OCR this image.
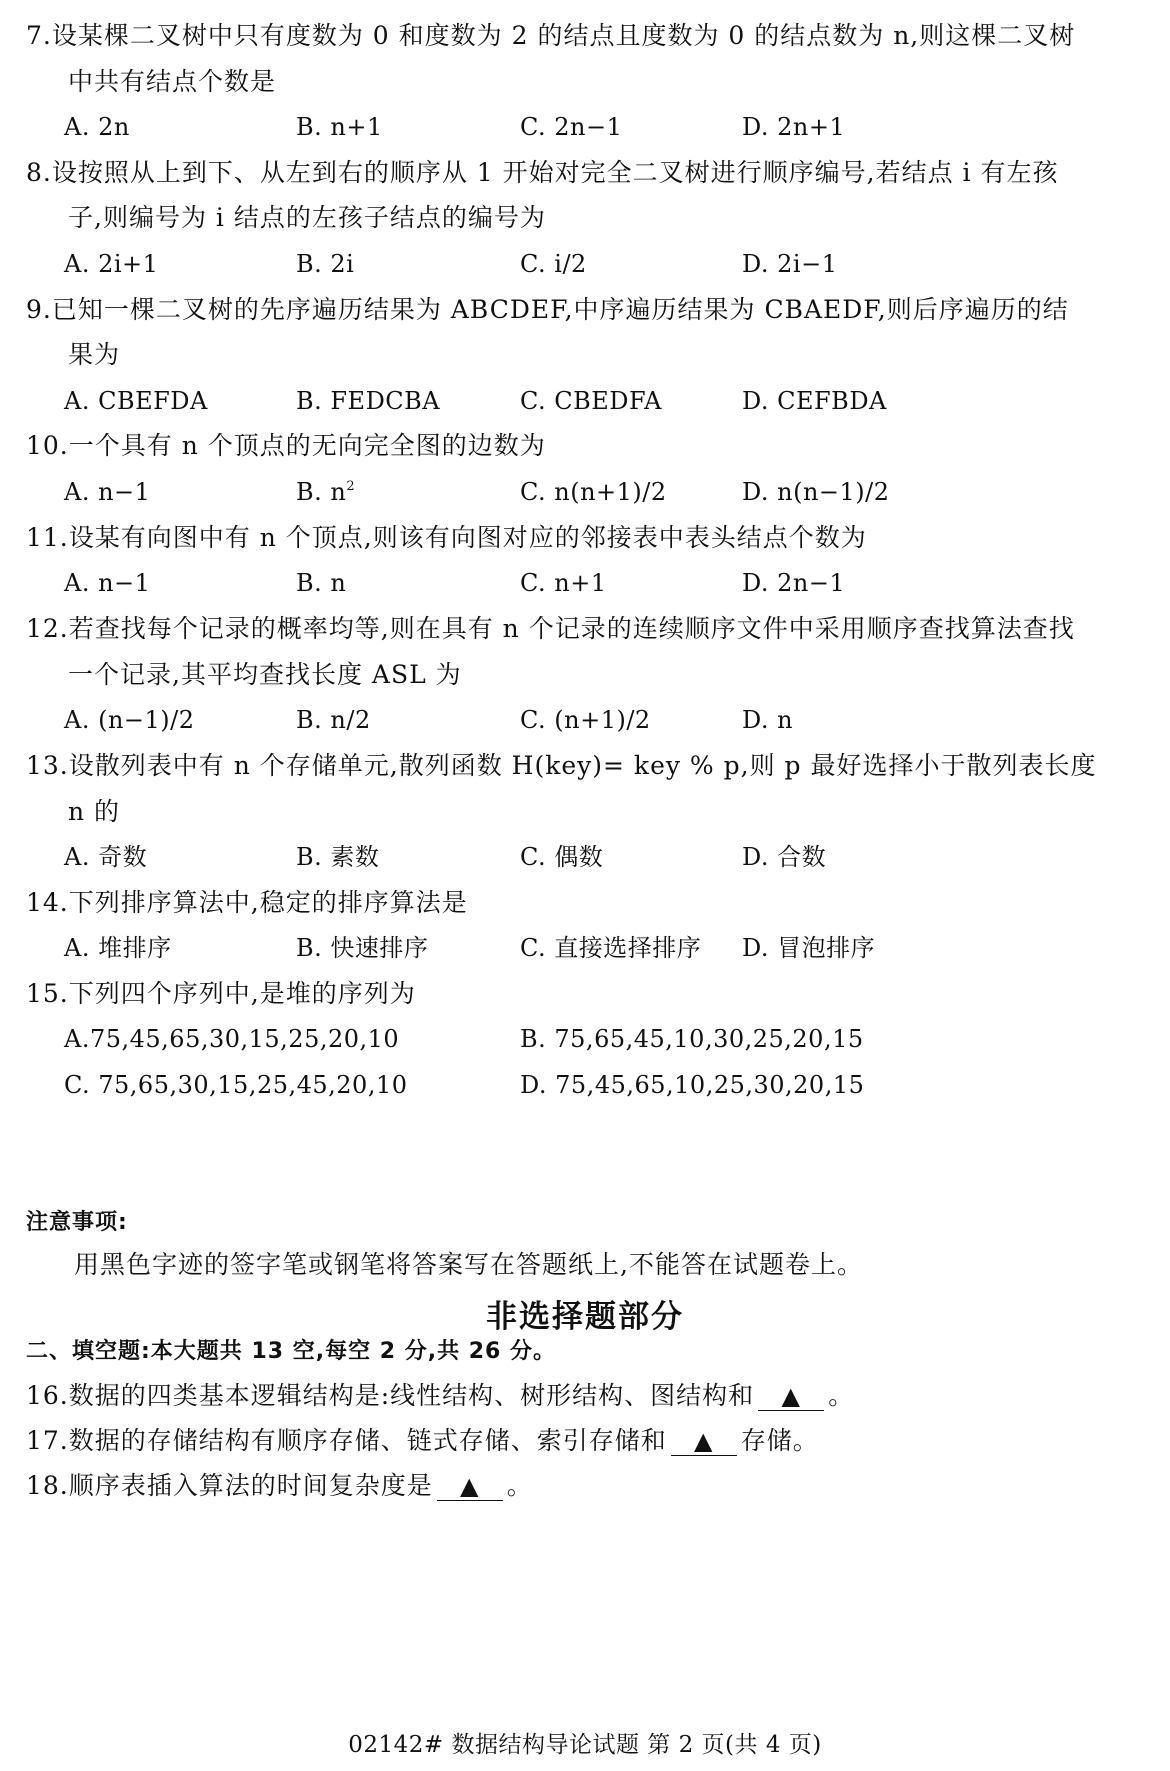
7.设某棵二叉树中只有度数为 0 和度数为 2 的结点且度数为 0 的结点数为 n,则这棵二叉树
中共有结点个数是
A. 2n	B. n+1	C. 2n−1	D. 2n+1
8.设按照从上到下、从左到右的顺序从 1 开始对完全二叉树进行顺序编号,若结点 i 有左孩
子,则编号为 i 结点的左孩子结点的编号为
A. 2i+1	B. 2i	C. i/2	D. 2i−1
9.已知一棵二叉树的先序遍历结果为 ABCDEF,中序遍历结果为 CBAEDF,则后序遍历的结
果为
A. CBEFDA	B. FEDCBA	C. CBEDFA	D. CEFBDA
10.一个具有 n 个顶点的无向完全图的边数为
A. n−1	B. $n^2$	C. n(n+1)/2	D. n(n−1)/2
11.设某有向图中有 n 个顶点,则该有向图对应的邻接表中表头结点个数为
A. n−1	B. n	C. n+1	D. 2n−1
12.若查找每个记录的概率均等,则在具有 n 个记录的连续顺序文件中采用顺序查找算法查找
一个记录,其平均查找长度 ASL 为
A. (n−1)/2	B. n/2	C. (n+1)/2	D. n
13.设散列表中有 n 个存储单元,散列函数 H(key)= key % p,则 p 最好选择小于散列表长度
n 的
A. 奇数	B. 素数	C. 偶数	D. 合数
14.下列排序算法中,稳定的排序算法是
A. 堆排序	B. 快速排序	C. 直接选择排序 D. 冒泡排序
15.下列四个序列中,是堆的序列为
A.75,45,65,30,15,25,20,10	B. 75,65,45,10,30,25,20,15
C. 75,65,30,15,25,45,20,10	D. 75,45,65,10,25,30,20,15
非选择题部分
注意事项:
用黑色字迹的签字笔或钢笔将答案写在答题纸上,不能答在试题卷上。
二、填空题:本大题共 13 空,每空 2 分,共 26 分。
16.数据的四类基本逻辑结构是:线性结构、树形结构、图结构和 ▲ 。
17.数据的存储结构有顺序存储、链式存储、索引存储和 ▲ 存储。
18.顺序表插入算法的时间复杂度是 ▲ 。
02142# 数据结构导论试题 第 2 页(共 4 页)
